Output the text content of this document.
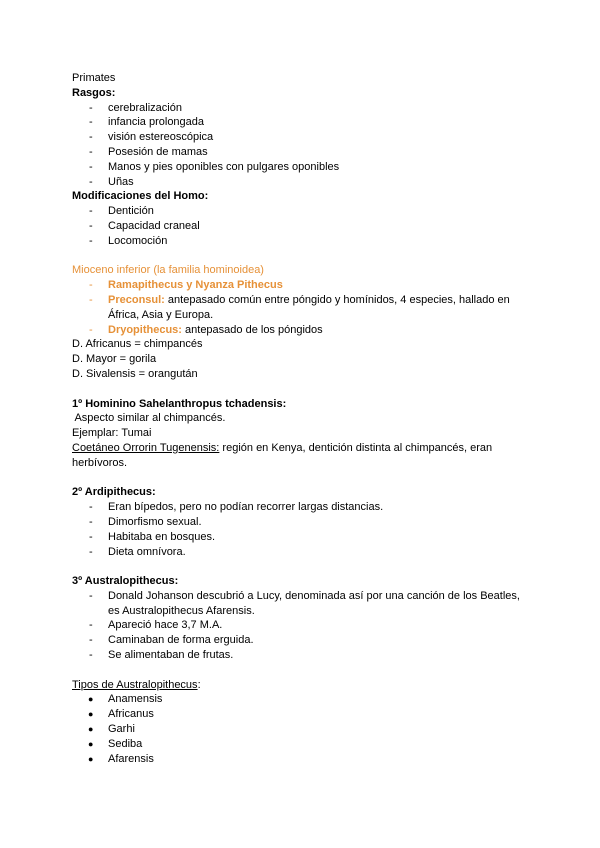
Primates
Rasgos:
- cerebralización
- infancia prolongada
- visión estereoscópica
- Posesión de mamas
- Manos y pies oponibles con pulgares oponibles
- Uñas
Modificaciones del Homo:
- Dentición
- Capacidad craneal
- Locomoción
Mioceno inferior (la familia hominoidea)
- Ramapithecus y Nyanza Pithecus
- Preconsul: antepasado común entre póngido y homínidos, 4 especies, hallado en África, Asia y Europa.
- Dryopithecus: antepasado de los póngidos
D. Africanus = chimpancés
D. Mayor = gorila
D. Sivalensis = orangután
1º Hominino Sahelanthropus tchadensis:
Aspecto similar al chimpancés.
Ejemplar: Tumai
Coetáneo Orrorin Tugenensis: región en Kenya, dentición distinta al chimpancés, eran herbívoros.
2º Ardipithecus:
- Eran bípedos, pero no podían recorrer largas distancias.
- Dimorfismo sexual.
- Habitaba en bosques.
- Dieta omnívora.
3º Australopithecus:
- Donald Johanson descubrió a Lucy, denominada así por una canción de los Beatles, es Australopithecus Afarensis.
- Apareció hace 3,7 M.A.
- Caminaban de forma erguida.
- Se alimentaban de frutas.
Tipos de Australopithecus:
● Anamensis
● Africanus
● Garhi
● Sediba
● Afarensis
